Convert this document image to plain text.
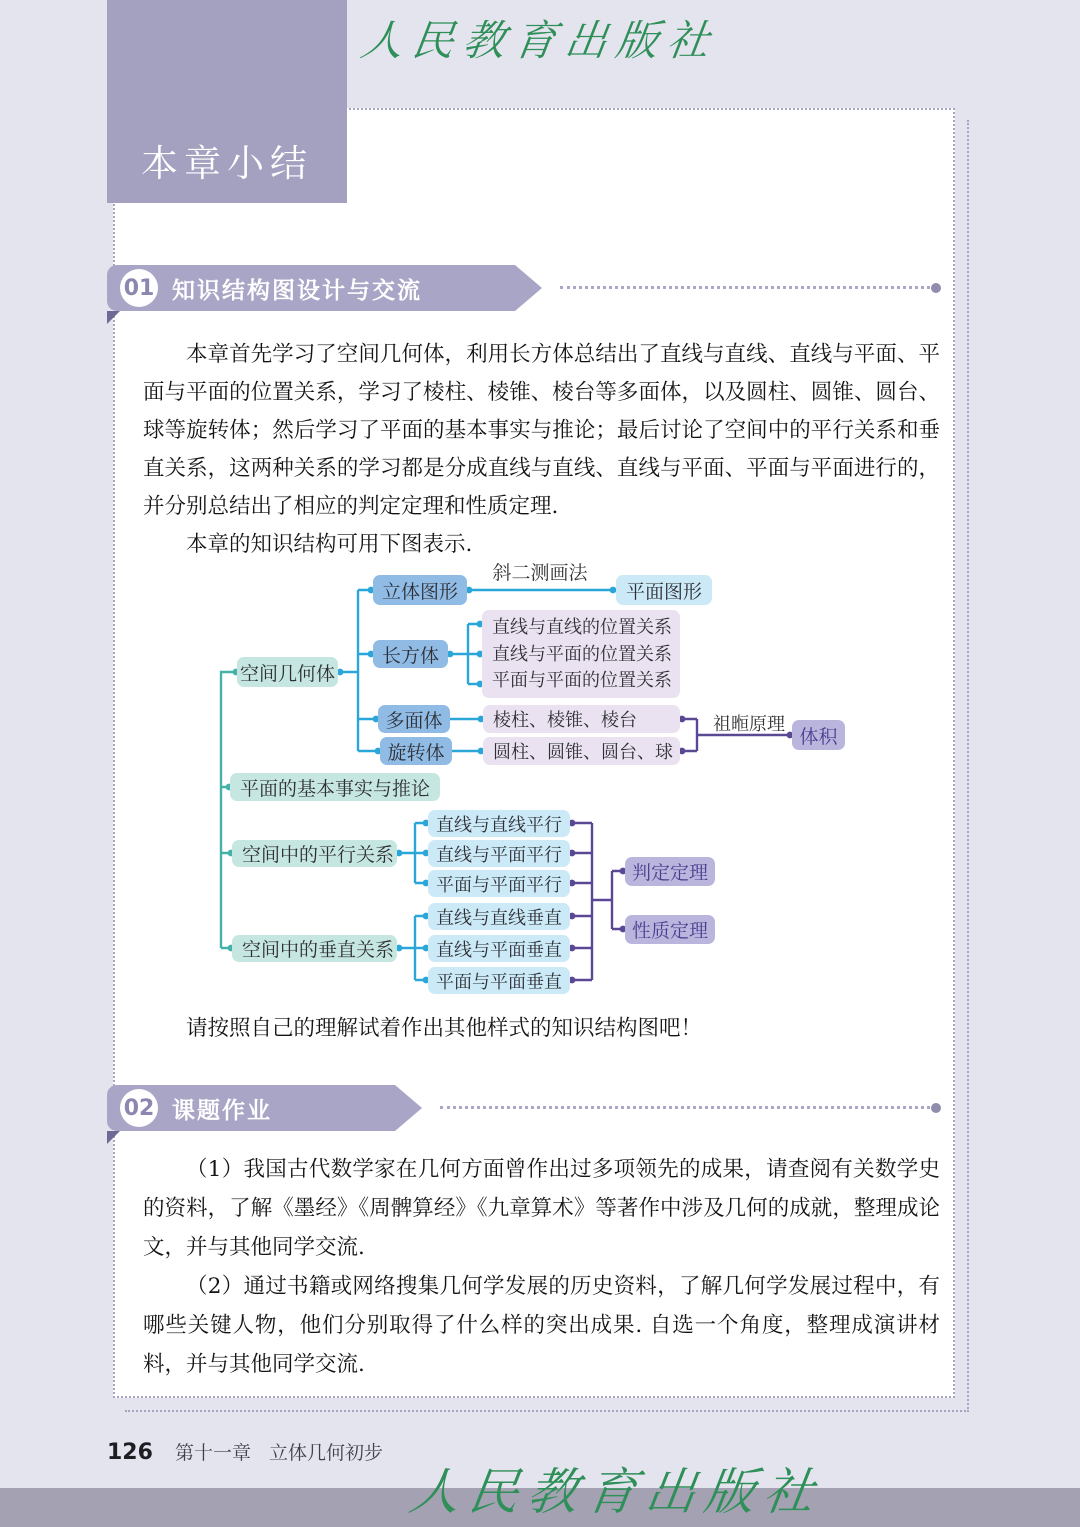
人民教育出版社
本章小结
01 知识结构图设计与交流

本章首先学习了空间几何体，利用长方体总结出了直线与直线、直线与平面、平面与平面的位置关系，学习了棱柱、棱锥、棱台等多面体，以及圆柱、圆锥、圆台、球等旋转体；然后学习了平面的基本事实与推论；最后讨论了空间中的平行关系和垂直关系，这两种关系的学习都是分成直线与直线、直线与平面、平面与平面进行的，并分别总结出了相应的判定定理和性质定理.

本章的知识结构可用下图表示.

空间几何体
立体图形
斜二测画法
平面图形
长方体
直线与直线的位置关系
直线与平面的位置关系
平面与平面的位置关系
多面体	棱柱、棱锥、棱台
旋转体	圆柱、圆锥、圆台、球
祖暅原理
体积
平面的基本事实与推论
空间中的平行关系
直线与直线平行
直线与平面平行
平面与平面平行
空间中的垂直关系
直线与直线垂直
直线与平面垂直
平面与平面垂直
判定定理
性质定理

请按照自己的理解试着作出其他样式的知识结构图吧！

02 课题作业

（1）我国古代数学家在几何方面曾作出过多项领先的成果，请查阅有关数学史的资料，了解《墨经》《周髀算经》《九章算术》等著作中涉及几何的成就，整理成论文，并与其他同学交流.

（2）通过书籍或网络搜集几何学发展的历史资料，了解几何学发展过程中，有哪些关键人物，他们分别取得了什么样的突出成果. 自选一个角度，整理成演讲材料，并与其他同学交流.

126 第十一章 立体几何初步
人民教育出版社
